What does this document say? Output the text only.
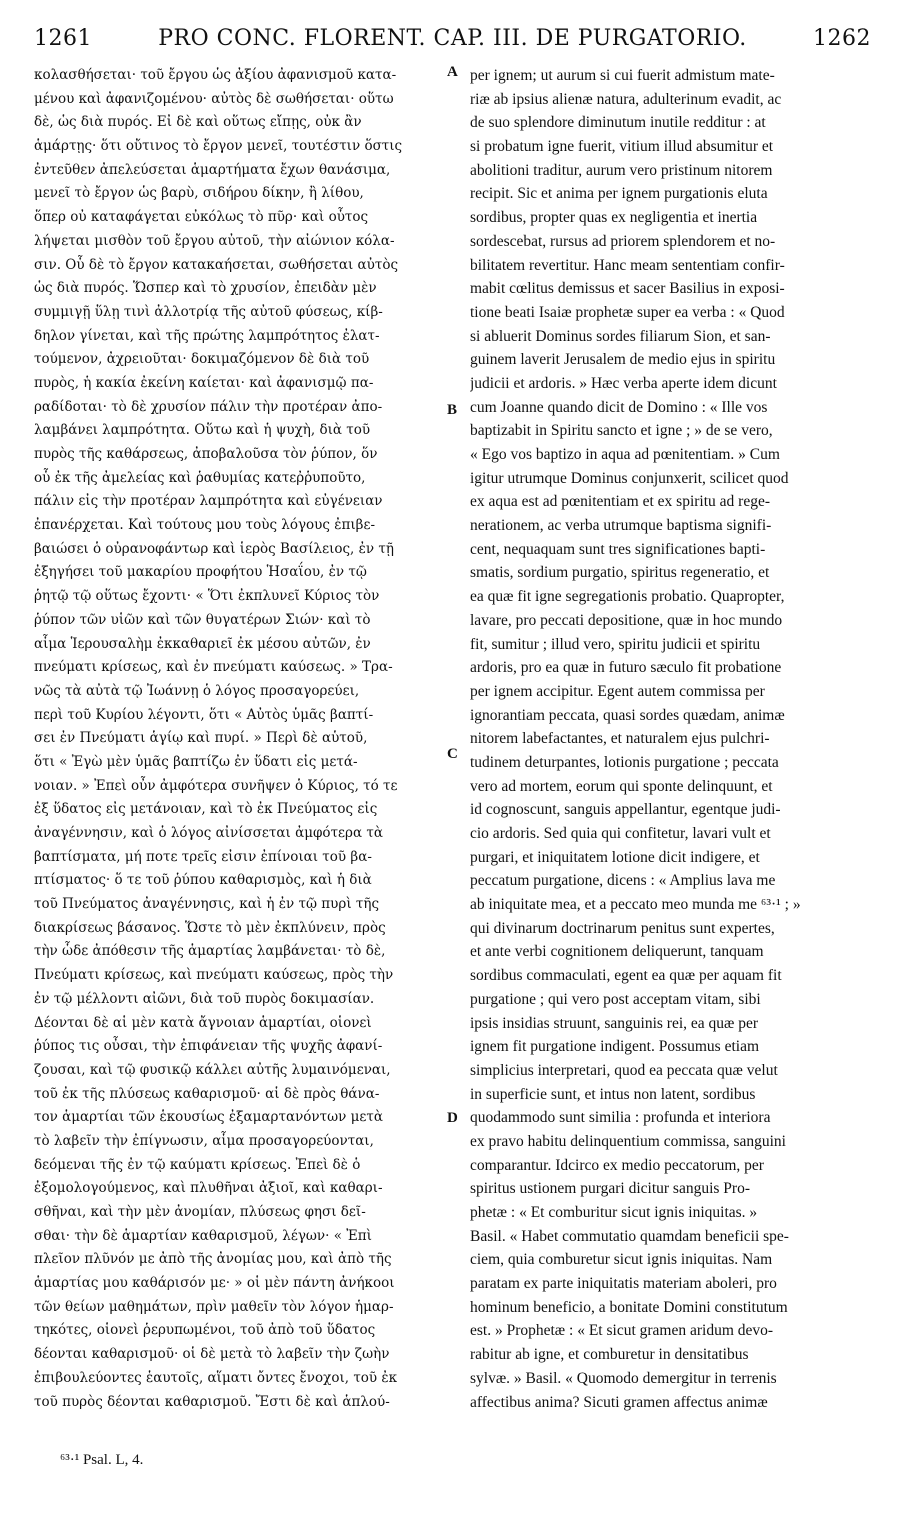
1261	PRO CONC. FLORENT. CAP. III. DE PURGATORIO.	1262
κολασθήσεται· τοῦ ἔργου ὡς ἀξίου ἀφανισμοῦ κατα-
μένου καὶ ἀφανιζομένου· αὐτὸς δὲ σωθήσεται· οὕτω
δὲ, ὡς διὰ πυρός. Εἰ δὲ καὶ οὕτως εἴπῃς, οὐκ ἂν
ἁμάρτῃς· ὅτι οὔτινος τὸ ἔργον μενεῖ, τουτέστιν ὅστις
ἐντεῦθεν ἀπελεύσεται ἁμαρτήματα ἔχων θανάσιμα,
μενεῖ τὸ ἔργον ὡς βαρὺ, σιδήρου δίκην, ἢ λίθου,
ὅπερ οὐ καταφάγεται εὐκόλως τὸ πῦρ· καὶ οὗτος
λήψεται μισθὸν τοῦ ἔργου αὐτοῦ, τὴν αἰώνιον κόλα-
σιν. Οὗ δὲ τὸ ἔργον κατακαήσεται, σωθήσεται αὐτὸς
ὡς διὰ πυρός. Ὥσπερ καὶ τὸ χρυσίον, ἐπειδὰν μὲν
συμμιγῇ ὕλῃ τινὶ ἀλλοτρίᾳ τῆς αὐτοῦ φύσεως, κίβ-
δηλον γίνεται, καὶ τῆς πρώτης λαμπρότητος ἐλατ-
τούμενον, ἀχρειοῦται· δοκιμαζόμενον δὲ διὰ τοῦ
πυρὸς, ἡ κακία ἐκείνη καίεται· καὶ ἀφανισμῷ πα-
ραδίδοται· τὸ δὲ χρυσίον πάλιν τὴν προτέραν ἀπο-
λαμβάνει λαμπρότητα. Οὕτω καὶ ἡ ψυχὴ, διὰ τοῦ
πυρὸς τῆς καθάρσεως, ἀποβαλοῦσα τὸν ῥύπον, ὅν
οὗ ἐκ τῆς ἀμελείας καὶ ῥαθυμίας κατεῤῥυποῦτο,
πάλιν εἰς τὴν προτέραν λαμπρότητα καὶ εὐγένειαν
ἐπανέρχεται. Καὶ τούτους μου τοὺς λόγους ἐπιβε-
βαιώσει ὁ οὐρανοφάντωρ καὶ ἱερὸς Βασίλειος, ἐν τῇ
ἐξηγήσει τοῦ μακαρίου προφήτου Ἡσαΐου, ἐν τῷ
ῥητῷ τῷ οὕτως ἔχοντι· « Ὅτι ἐκπλυνεῖ Κύριος τὸν
ῥύπον τῶν υἱῶν καὶ τῶν θυγατέρων Σιών· καὶ τὸ
αἷμα Ἱερουσαλὴμ ἐκκαθαριεῖ ἐκ μέσου αὐτῶν, ἐν
πνεύματι κρίσεως, καὶ ἐν πνεύματι καύσεως. » Τρα-
νῶς τὰ αὐτὰ τῷ Ἰωάννῃ ὁ λόγος προσαγορεύει,
περὶ τοῦ Κυρίου λέγοντι, ὅτι « Αὐτὸς ὑμᾶς βαπτί-
σει ἐν Πνεύματι ἁγίῳ καὶ πυρί. » Περὶ δὲ αὑτοῦ,
ὅτι « Ἐγὼ μὲν ὑμᾶς βαπτίζω ἐν ὕδατι εἰς μετά-
νοιαν. » Ἐπεὶ οὖν ἀμφότερα συνῆψεν ὁ Κύριος, τό τε
ἐξ ὕδατος εἰς μετάνοιαν, καὶ τὸ ἐκ Πνεύματος εἰς
ἀναγέννησιν, καὶ ὁ λόγος αἰνίσσεται ἀμφότερα τὰ
βαπτίσματα, μή ποτε τρεῖς εἰσιν ἐπίνοιαι τοῦ βα-
πτίσματος· ὅ τε τοῦ ῥύπου καθαρισμὸς, καὶ ἡ διὰ
τοῦ Πνεύματος ἀναγέννησις, καὶ ἡ ἐν τῷ πυρὶ τῆς
διακρίσεως βάσανος. Ὥστε τὸ μὲν ἐκπλύνειν, πρὸς
τὴν ὧδε ἀπόθεσιν τῆς ἁμαρτίας λαμβάνεται· τὸ δὲ,
Πνεύματι κρίσεως, καὶ πνεύματι καύσεως, πρὸς τὴν
ἐν τῷ μέλλοντι αἰῶνι, διὰ τοῦ πυρὸς δοκιμασίαν.
Δέονται δὲ αἱ μὲν κατὰ ἄγνοιαν ἁμαρτίαι, οἱονεὶ
ῥύπος τις οὖσαι, τὴν ἐπιφάνειαν τῆς ψυχῆς ἀφανί-
ζουσαι, καὶ τῷ φυσικῷ κάλλει αὐτῆς λυμαινόμεναι,
τοῦ ἐκ τῆς πλύσεως καθαρισμοῦ· αἱ δὲ πρὸς θάνα-
τον ἁμαρτίαι τῶν ἑκουσίως ἐξαμαρτανόντων μετὰ
τὸ λαβεῖν τὴν ἐπίγνωσιν, αἷμα προσαγορεύονται,
δεόμεναι τῆς ἐν τῷ καύματι κρίσεως. Ἐπεὶ δὲ ὁ
ἐξομολογούμενος, καὶ πλυθῆναι ἀξιοῖ, καὶ καθαρι-
σθῆναι, καὶ τὴν μὲν ἀνομίαν, πλύσεως φησι δεῖ-
σθαι· τὴν δὲ ἁμαρτίαν καθαρισμοῦ, λέγων· « Ἐπὶ
πλεῖον πλῦνόν με ἀπὸ τῆς ἀνομίας μου, καὶ ἀπὸ τῆς
ἁμαρτίας μου καθάρισόν με· » οἱ μὲν πάντη ἀνήκοοι
τῶν θείων μαθημάτων, πρὶν μαθεῖν τὸν λόγον ἡμαρ-
τηκότες, οἱονεὶ ῥερυπωμένοι, τοῦ ἀπὸ τοῦ ὕδατος
δέονται καθαρισμοῦ· οἱ δὲ μετὰ τὸ λαβεῖν τὴν ζωὴν
ἐπιβουλεύοντες ἑαυτοῖς, αἵματι ὄντες ἔνοχοι, τοῦ ἐκ
τοῦ πυρὸς δέονται καθαρισμοῦ. Ἔστι δὲ καὶ ἁπλού-
per ignem; ut aurum si cui fuerit admistum mate-
riæ ab ipsius alienæ natura, adulterinum evadit, ac
de suo splendore diminutum inutile redditur : at
si probatum igne fuerit, vitium illud absumitur et
abolitioni traditur, aurum vero pristinum nitorem
recipit. Sic et anima per ignem purgationis eluta
sordibus, propter quas ex negligentia et inertia
sordescebat, rursus ad priorem splendorem et no-
bilitatem revertitur. Hanc meam sententiam confir-
mabit cœlitus demissus et sacer Basilius in exposi-
tione beati Isaiæ prophetæ super ea verba : « Quod
si abluerit Dominus sordes filiarum Sion, et san-
guinem laverit Jerusalem de medio ejus in spiritu
judicii et ardoris. » Hæc verba aperte idem dicunt
cum Joanne quando dicit de Domino : « Ille vos
baptizabit in Spiritu sancto et igne ; » de se vero,
« Ego vos baptizo in aqua ad pœnitentiam. » Cum
igitur utrumque Dominus conjunxerit, scilicet quod
ex aqua est ad pœnitentiam et ex spiritu ad rege-
nerationem, ac verba utrumque baptisma signifi-
cent, nequaquam sunt tres significationes bapti-
smatis, sordium purgatio, spiritus regeneratio, et
ea quæ fit igne segregationis probatio. Quapropter,
lavare, pro peccati depositione, quæ in hoc mundo
fit, sumitur ; illud vero, spiritu judicii et spiritu
ardoris, pro ea quæ in futuro sæculo fit probatione
per ignem accipitur. Egent autem commissa per
ignorantiam peccata, quasi sordes quædam, animæ
nitorem labefactantes, et naturalem ejus pulchri-
tudinem deturpantes, lotionis purgatione ; peccata
vero ad mortem, eorum qui sponte delinquunt, et
id cognoscunt, sanguis appellantur, egentque judi-
cio ardoris. Sed quia qui confitetur, lavari vult et
purgari, et iniquitatem lotione dicit indigere, et
peccatum purgatione, dicens : « Amplius lava me
ab iniquitate mea, et a peccato meo munda me ⁶³·¹ ; »
qui divinarum doctrinarum penitus sunt expertes,
et ante verbi cognitionem deliquerunt, tanquam
sordibus commaculati, egent ea quæ per aquam fit
purgatione ; qui vero post acceptam vitam, sibi
ipsis insidias struunt, sanguinis rei, ea quæ per
ignem fit purgatione indigent. Possumus etiam
simplicius interpretari, quod ea peccata quæ velut
in superficie sunt, et intus non latent, sordibus
quodammodo sunt similia : profunda et interiora
ex pravo habitu delinquentium commissa, sanguini
comparantur. Idcirco ex medio peccatorum, per
spiritus ustionem purgari dicitur sanguis Pro-
phetæ : « Et comburitur sicut ignis iniquitas. »
Basil. « Habet commutatio quamdam beneficii spe-
ciem, quia comburetur sicut ignis iniquitas. Nam
paratam ex parte iniquitatis materiam aboleri, pro
hominum beneficio, a bonitate Domini constitutum
est. » Prophetæ : « Et sicut gramen aridum devo-
rabitur ab igne, et comburetur in densitatibus
sylvæ. » Basil. « Quomodo demergitur in terrenis
affectibus anima? Sicuti gramen affectus animæ
A
B
C
D
⁶³·¹ Psal. L, 4.
